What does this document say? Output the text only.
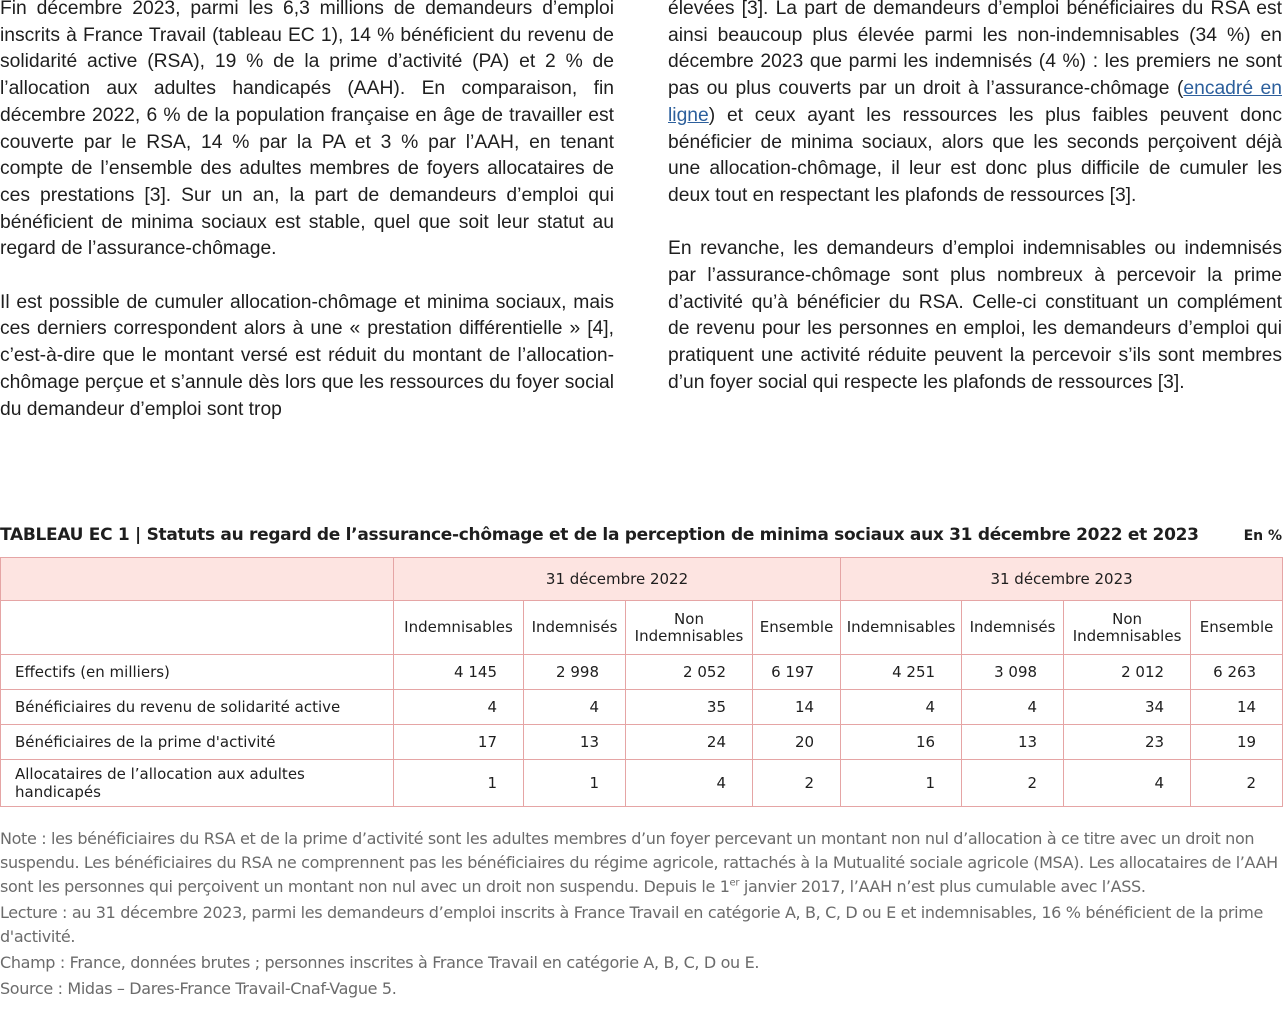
Fin décembre 2023, parmi les 6,3 millions de demandeurs d’emploi inscrits à France Travail (tableau EC 1), 14 % bénéficient du revenu de solidarité active (RSA), 19 % de la prime d’activité (PA) et 2 % de l’allocation aux adultes handicapés (AAH). En comparaison, fin décembre 2022, 6 % de la population française en âge de travailler est couverte par le RSA, 14 % par la PA et 3 % par l’AAH, en tenant compte de l’ensemble des adultes membres de foyers allocataires de ces prestations [3]. Sur un an, la part de demandeurs d’emploi qui bénéficient de minima sociaux est stable, quel que soit leur statut au regard de l’assurance-chômage.

Il est possible de cumuler allocation-chômage et minima sociaux, mais ces derniers correspondent alors à une « prestation différentielle » [4], c’est-à-dire que le montant versé est réduit du montant de l’allocation-chômage perçue et s’annule dès lors que les ressources du foyer social du demandeur d’emploi sont trop

élevées [3]. La part de demandeurs d’emploi bénéficiaires du RSA est ainsi beaucoup plus élevée parmi les non-indemnisables (34 %) en décembre 2023 que parmi les indemnisés (4 %) : les premiers ne sont pas ou plus couverts par un droit à l’assurance-chômage (encadré en ligne) et ceux ayant les ressources les plus faibles peuvent donc bénéficier de minima sociaux, alors que les seconds perçoivent déjà une allocation-chômage, il leur est donc plus difficile de cumuler les deux tout en respectant les plafonds de ressources [3].

En revanche, les demandeurs d’emploi indemnisables ou indemnisés par l’assurance-chômage sont plus nombreux à percevoir la prime d’activité qu’à bénéficier du RSA. Celle-ci constituant un complément de revenu pour les personnes en emploi, les demandeurs d’emploi qui pratiquent une activité réduite peuvent la percevoir s’ils sont membres d’un foyer social qui respecte les plafonds de ressources [3].

TABLEAU EC 1 | Statuts au regard de l’assurance-chômage et de la perception de minima sociaux aux 31 décembre 2022 et 2023	En %
	31 décembre 2022				31 décembre 2023			
	Indemnisables	Indemnisés	Non Indemnisables	Ensemble	Indemnisables	Indemnisés	Non Indemnisables	Ensemble
Effectifs (en milliers)	4 145	2 998	2 052	6 197	4 251	3 098	2 012	6 263
Bénéficiaires du revenu de solidarité active	4	4	35	14	4	4	34	14
Bénéficiaires de la prime d'activité	17	13	24	20	16	13	23	19
Allocataires de l’allocation aux adultes handicapés	1	1	4	2	1	2	4	2

Note : les bénéficiaires du RSA et de la prime d’activité sont les adultes membres d’un foyer percevant un montant non nul d’allocation à ce titre avec un droit non suspendu. Les bénéficiaires du RSA ne comprennent pas les bénéficiaires du régime agricole, rattachés à la Mutualité sociale agricole (MSA). Les allocataires de l’AAH sont les personnes qui perçoivent un montant non nul avec un droit non suspendu. Depuis le 1er janvier 2017, l’AAH n’est plus cumulable avec l’ASS.

Lecture : au 31 décembre 2023, parmi les demandeurs d’emploi inscrits à France Travail en catégorie A, B, C, D ou E et indemnisables, 16 % bénéficient de la prime d'activité.

Champ : France, données brutes ; personnes inscrites à France Travail en catégorie A, B, C, D ou E.

Source : Midas – Dares-France Travail-Cnaf-Vague 5.
